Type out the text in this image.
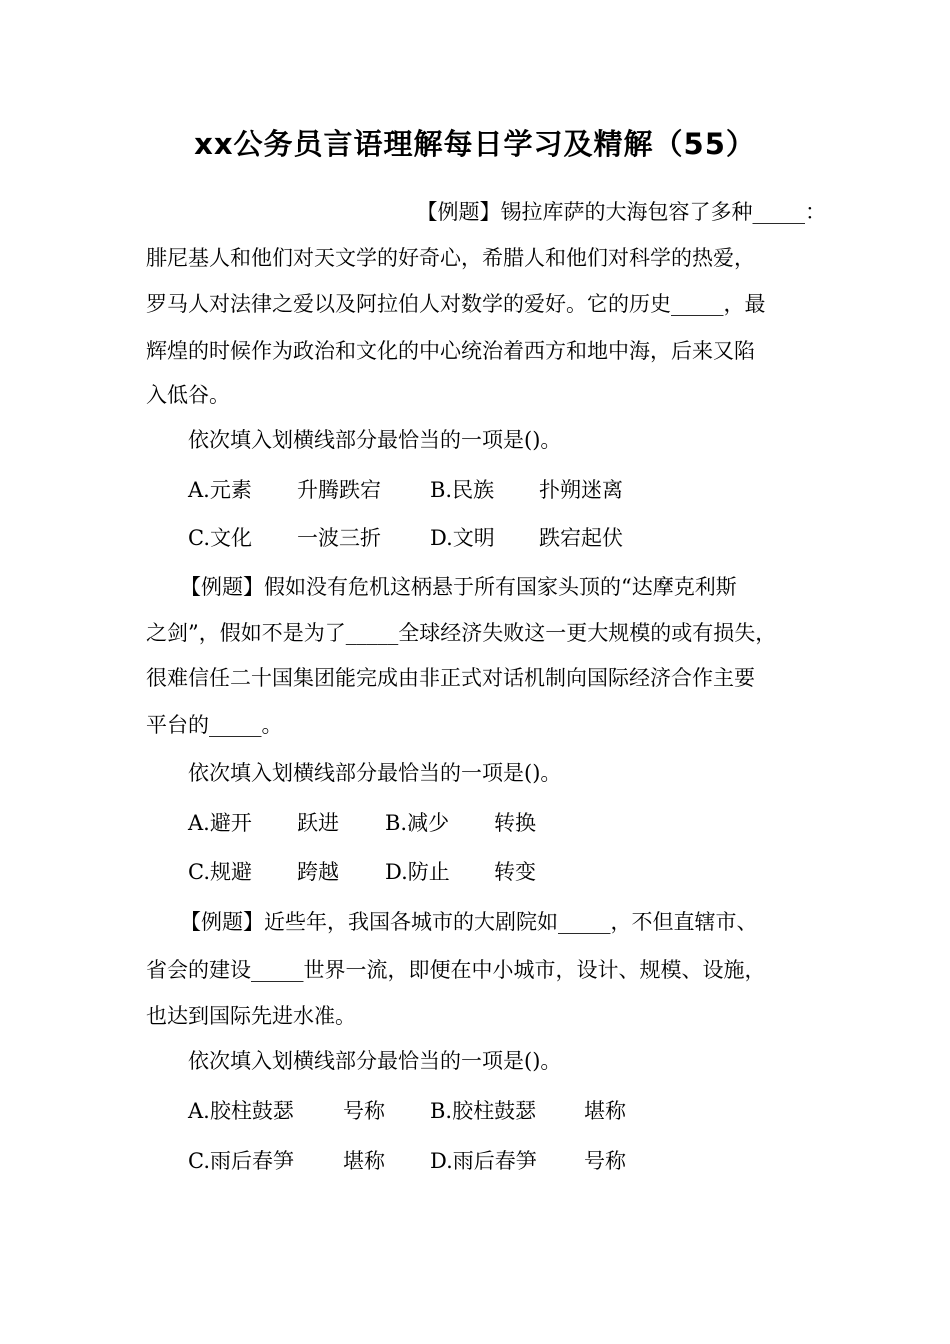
xx公务员言语理解每日学习及精解（55）
【例题】锡拉库萨的大海包容了多种_____：
腓尼基人和他们对天文学的好奇心，希腊人和他们对科学的热爱，
罗马人对法律之爱以及阿拉伯人对数学的爱好。它的历史_____，最
辉煌的时候作为政治和文化的中心统治着西方和地中海，后来又陷
入低谷。
依次填入划横线部分最恰当的一项是()。
A.元素 升腾跌宕 B.民族 扑朔迷离
C.文化 一波三折 D.文明 跌宕起伏
【例题】假如没有危机这柄悬于所有国家头顶的“达摩克利斯
之剑”，假如不是为了_____全球经济失败这一更大规模的或有损失，
很难信任二十国集团能完成由非正式对话机制向国际经济合作主要
平台的_____。
依次填入划横线部分最恰当的一项是()。
A.避开 跃进 B.减少 转换
C.规避 跨越 D.防止 转变
【例题】近些年，我国各城市的大剧院如_____，不但直辖市、
省会的建设_____世界一流，即便在中小城市，设计、规模、设施，
也达到国际先进水准。
依次填入划横线部分最恰当的一项是()。
A.胶柱鼓瑟 号称 B.胶柱鼓瑟 堪称
C.雨后春笋 堪称 D.雨后春笋 号称
